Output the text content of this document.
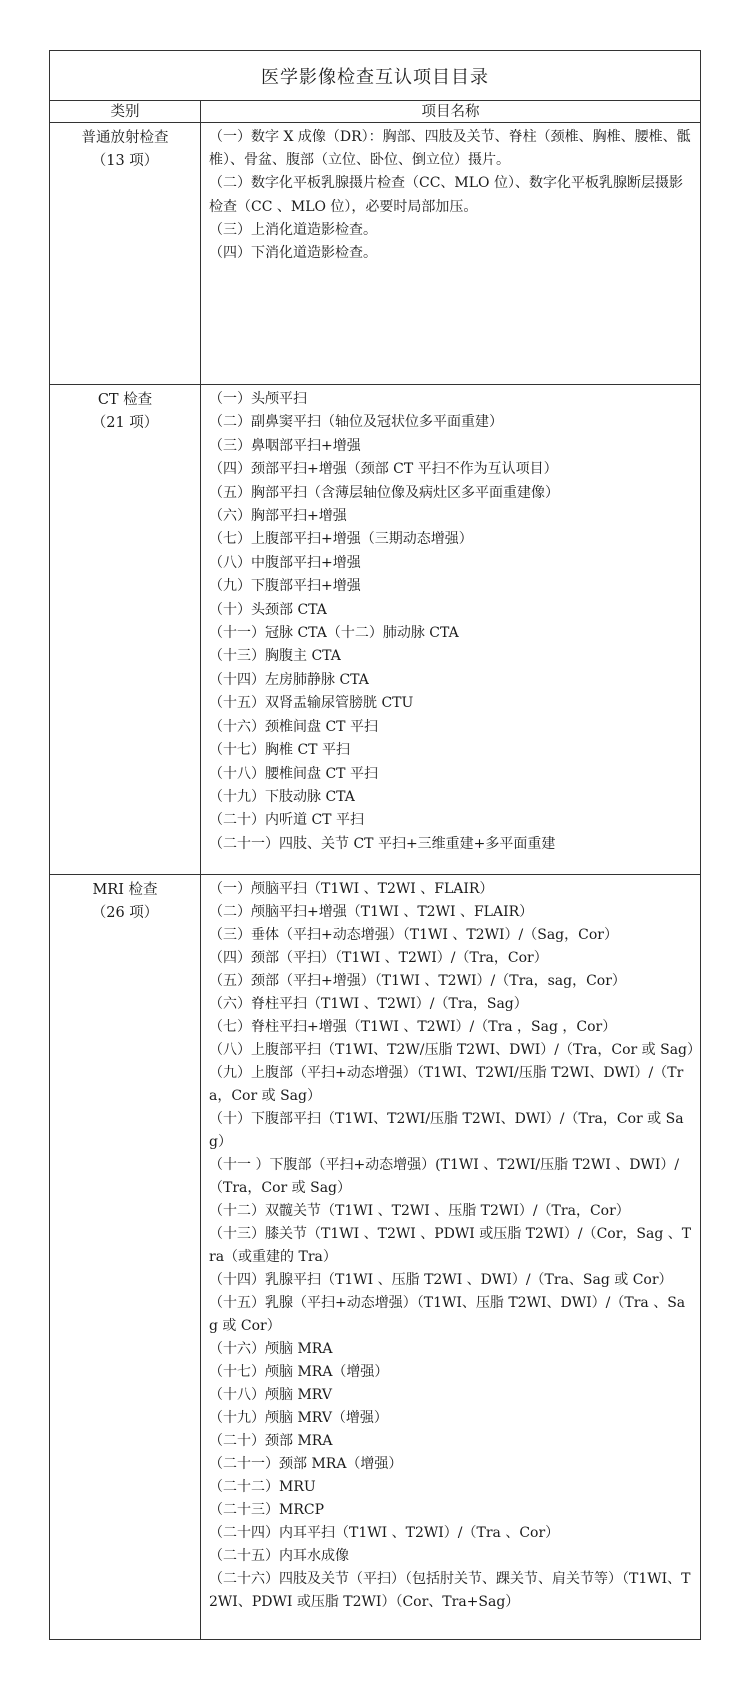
医学影像检查互认项目目录
类别	项目名称
普通放射检查
（13 项）
（一）数字 X 成像（DR）：胸部、四肢及关节、脊柱（颈椎、胸椎、腰椎、骶椎）、骨盆、腹部（立位、卧位、倒立位）摄片。
（二）数字化平板乳腺摄片检查（CC、MLO 位）、数字化平板乳腺断层摄影检查（CC 、MLO 位），必要时局部加压。
（三）上消化道造影检查。
（四）下消化道造影检查。
CT 检查
（21 项）
（一）头颅平扫
（二）副鼻窦平扫（轴位及冠状位多平面重建）
（三）鼻咽部平扫+增强
（四）颈部平扫+增强（颈部 CT 平扫不作为互认项目）
（五）胸部平扫（含薄层轴位像及病灶区多平面重建像）
（六）胸部平扫+增强
（七）上腹部平扫+增强（三期动态增强）
（八）中腹部平扫+增强
（九）下腹部平扫+增强
（十）头颈部 CTA
（十一）冠脉 CTA（十二）肺动脉 CTA
（十三）胸腹主 CTA
（十四）左房肺静脉 CTA
（十五）双肾盂输尿管膀胱 CTU
（十六）颈椎间盘 CT 平扫
（十七）胸椎 CT 平扫
（十八）腰椎间盘 CT 平扫
（十九）下肢动脉 CTA
（二十）内听道 CT 平扫
（二十一）四肢、关节 CT 平扫+三维重建+多平面重建
MRI 检查
（26 项）
（一）颅脑平扫（T1WI 、T2WI 、FLAIR）
（二）颅脑平扫+增强（T1WI 、T2WI 、FLAIR）
（三）垂体（平扫+动态增强）（T1WI 、T2WI）/（Sag，Cor）
（四）颈部（平扫）（T1WI 、T2WI）/（Tra，Cor）
（五）颈部（平扫+增强）（T1WI 、T2WI）/（Tra，sag，Cor）
（六）脊柱平扫（T1WI 、T2WI）/（Tra，Sag）
（七）脊柱平扫+增强（T1WI 、T2WI）/（Tra ，Sag ，Cor）
（八）上腹部平扫（T1WI、T2W/压脂 T2WI、DWI）/（Tra，Cor 或 Sag）
（九）上腹部（平扫+动态增强）（T1WI、T2WI/压脂 T2WI、DWI）/（Tra，Cor 或 Sag）
（十）下腹部平扫（T1WI、T2WI/压脂 T2WI、DWI）/（Tra，Cor 或 Sag）
（十一 ）下腹部（平扫+动态增强）(T1WI 、T2WI/压脂 T2WI 、DWI）/（Tra，Cor 或 Sag）
（十二）双髋关节（T1WI 、T2WI 、压脂 T2WI）/（Tra，Cor）
（十三）膝关节（T1WI 、T2WI 、PDWI 或压脂 T2WI）/（Cor，Sag 、Tra（或重建的 Tra）
（十四）乳腺平扫（T1WI 、压脂 T2WI 、DWI）/（Tra、Sag 或 Cor）
（十五）乳腺（平扫+动态增强）（T1WI、压脂 T2WI、DWI）/（Tra 、Sag 或 Cor）
（十六）颅脑 MRA
（十七）颅脑 MRA（增强）
（十八）颅脑 MRV
（十九）颅脑 MRV（增强）
（二十）颈部 MRA
（二十一）颈部 MRA（增强）
（二十二）MRU
（二十三）MRCP
（二十四）内耳平扫（T1WI 、T2WI）/（Tra 、Cor）
（二十五）内耳水成像
（二十六）四肢及关节（平扫）（包括肘关节、踝关节、肩关节等）（T1WI、T2WI、PDWI 或压脂 T2WI）（Cor、Tra+Sag）
